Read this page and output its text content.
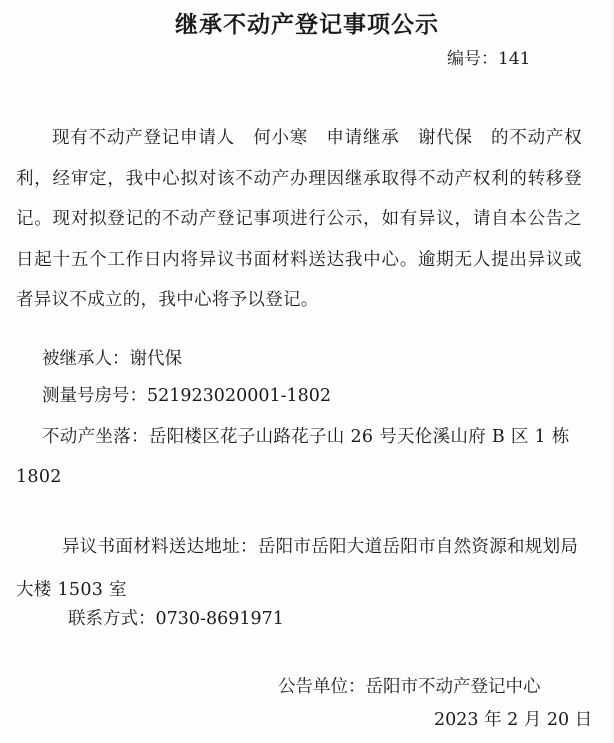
继承不动产登记事项公示
编号：141
现有不动产登记申请人　何小寒　申请继承　谢代保　的不动产权利，经审定，我中心拟对该不动产办理因继承取得不动产权利的转移登记。现对拟登记的不动产登记事项进行公示，如有异议，请自本公告之日起十五个工作日内将异议书面材料送达我中心。逾期无人提出异议或者异议不成立的，我中心将予以登记。
被继承人：谢代保
测量号房号：521923020001-1802
不动产坐落：岳阳楼区花子山路花子山 26 号天伦溪山府 B 区 1 栋 1802
异议书面材料送达地址：岳阳市岳阳大道岳阳市自然资源和规划局大楼 1503 室
联系方式：0730-8691971
公告单位：岳阳市不动产登记中心
2023 年 2 月 20 日
